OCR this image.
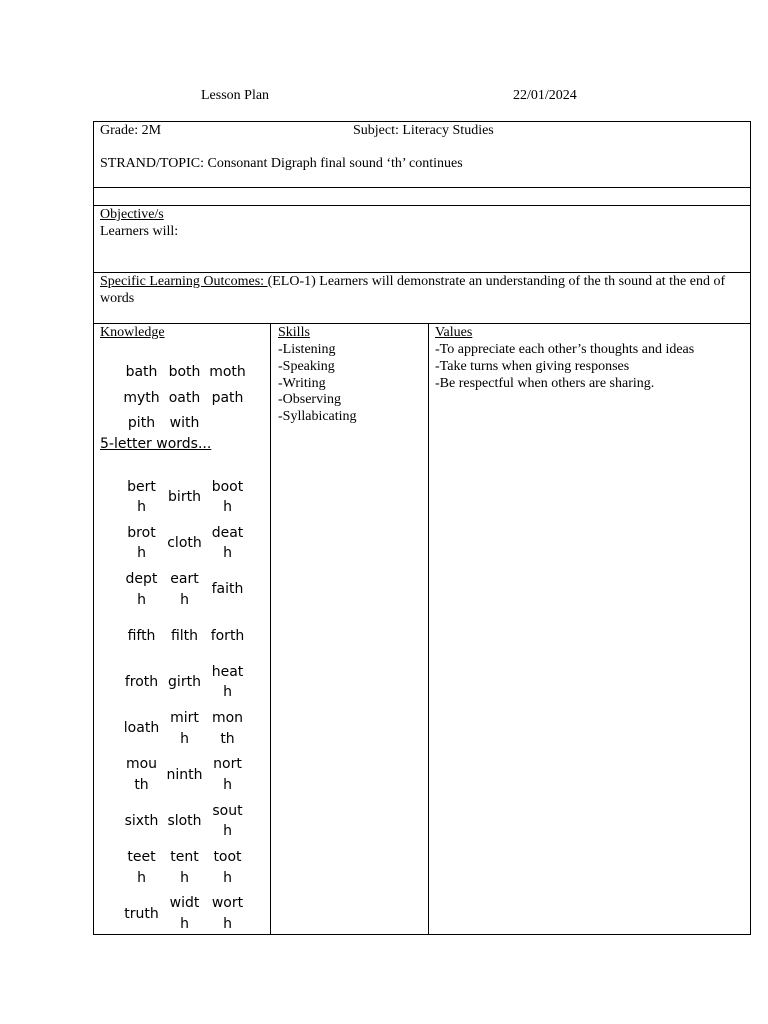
Lesson Plan	22/01/2024
Grade: 2M	Subject: Literacy Studies
STRAND/TOPIC: Consonant Digraph final sound ‘th’ continues
Objective/s
Learners will:
Specific Learning Outcomes: (ELO-1) Learners will demonstrate an understanding of the th sound at the end of words
Knowledge
bath	both	moth
myth	oath	path
pith	with	
5-letter words...
berth	birth	booth

broth	cloth	death

depth	earth	faith

fifth	filth	forth

froth	girth	heath

loath	mirth	month

mouth	ninth	north

sixth	sloth	south

teeth	tenth	tooth

truth	width	worth
Skills
-Listening
-Speaking
-Writing
-Observing
-Syllabicating
Values
-To appreciate each other’s thoughts and ideas
-Take turns when giving responses
-Be respectful when others are sharing.
